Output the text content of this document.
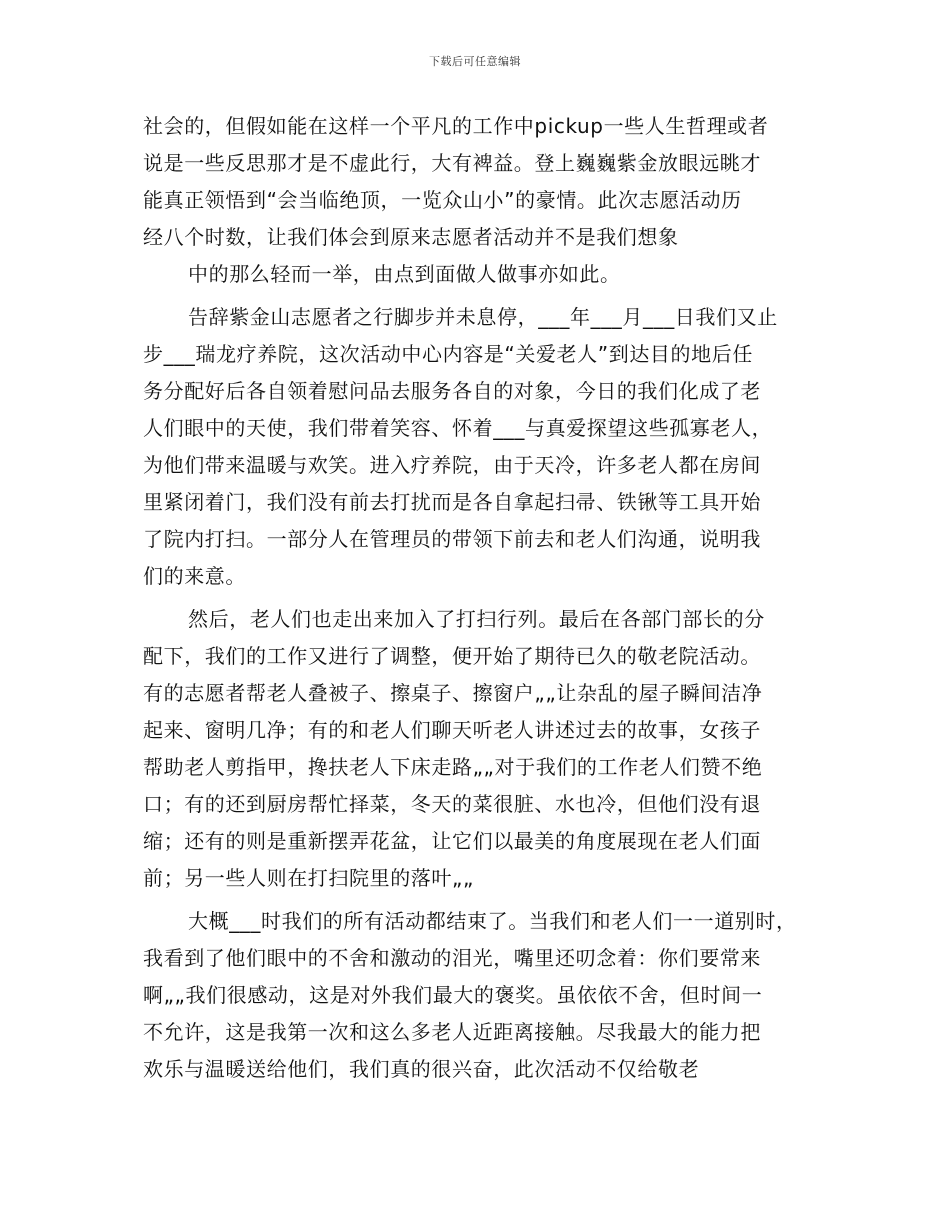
下载后可任意编辑
社会的，但假如能在这样一个平凡的工作中pickup一些人生哲理或者
说是一些反思那才是不虚此行，大有裨益。登上巍巍紫金放眼远眺才
能真正领悟到“会当临绝顶，一览众山小”的豪情。此次志愿活动历
经八个时数，让我们体会到原来志愿者活动并不是我们想象
中的那么轻而一举，由点到面做人做事亦如此。
告辞紫金山志愿者之行脚步并未息停，___年___月___日我们又止
步___瑞龙疗养院，这次活动中心内容是“关爱老人”到达目的地后任
务分配好后各自领着慰问品去服务各自的对象，今日的我们化成了老
人们眼中的天使，我们带着笑容、怀着___与真爱探望这些孤寡老人，
为他们带来温暖与欢笑。进入疗养院，由于天冷，许多老人都在房间
里紧闭着门，我们没有前去打扰而是各自拿起扫帚、铁锹等工具开始
了院内打扫。一部分人在管理员的带领下前去和老人们沟通，说明我
们的来意。
然后，老人们也走出来加入了打扫行列。最后在各部门部长的分
配下，我们的工作又进行了调整，便开始了期待已久的敬老院活动。
有的志愿者帮老人叠被子、擦桌子、擦窗户„„让杂乱的屋子瞬间洁净
起来、窗明几净；有的和老人们聊天听老人讲述过去的故事，女孩子
帮助老人剪指甲，搀扶老人下床走路„„对于我们的工作老人们赞不绝
口；有的还到厨房帮忙择菜，冬天的菜很脏、水也冷，但他们没有退
缩；还有的则是重新摆弄花盆，让它们以最美的角度展现在老人们面
前；另一些人则在打扫院里的落叶„„
大概___时我们的所有活动都结束了。当我们和老人们一一道别时，
我看到了他们眼中的不舍和激动的泪光，嘴里还叨念着：你们要常来
啊„„我们很感动，这是对外我们最大的褒奖。虽依依不舍，但时间一
不允许，这是我第一次和这么多老人近距离接触。尽我最大的能力把
欢乐与温暖送给他们，我们真的很兴奋，此次活动不仅给敬老
